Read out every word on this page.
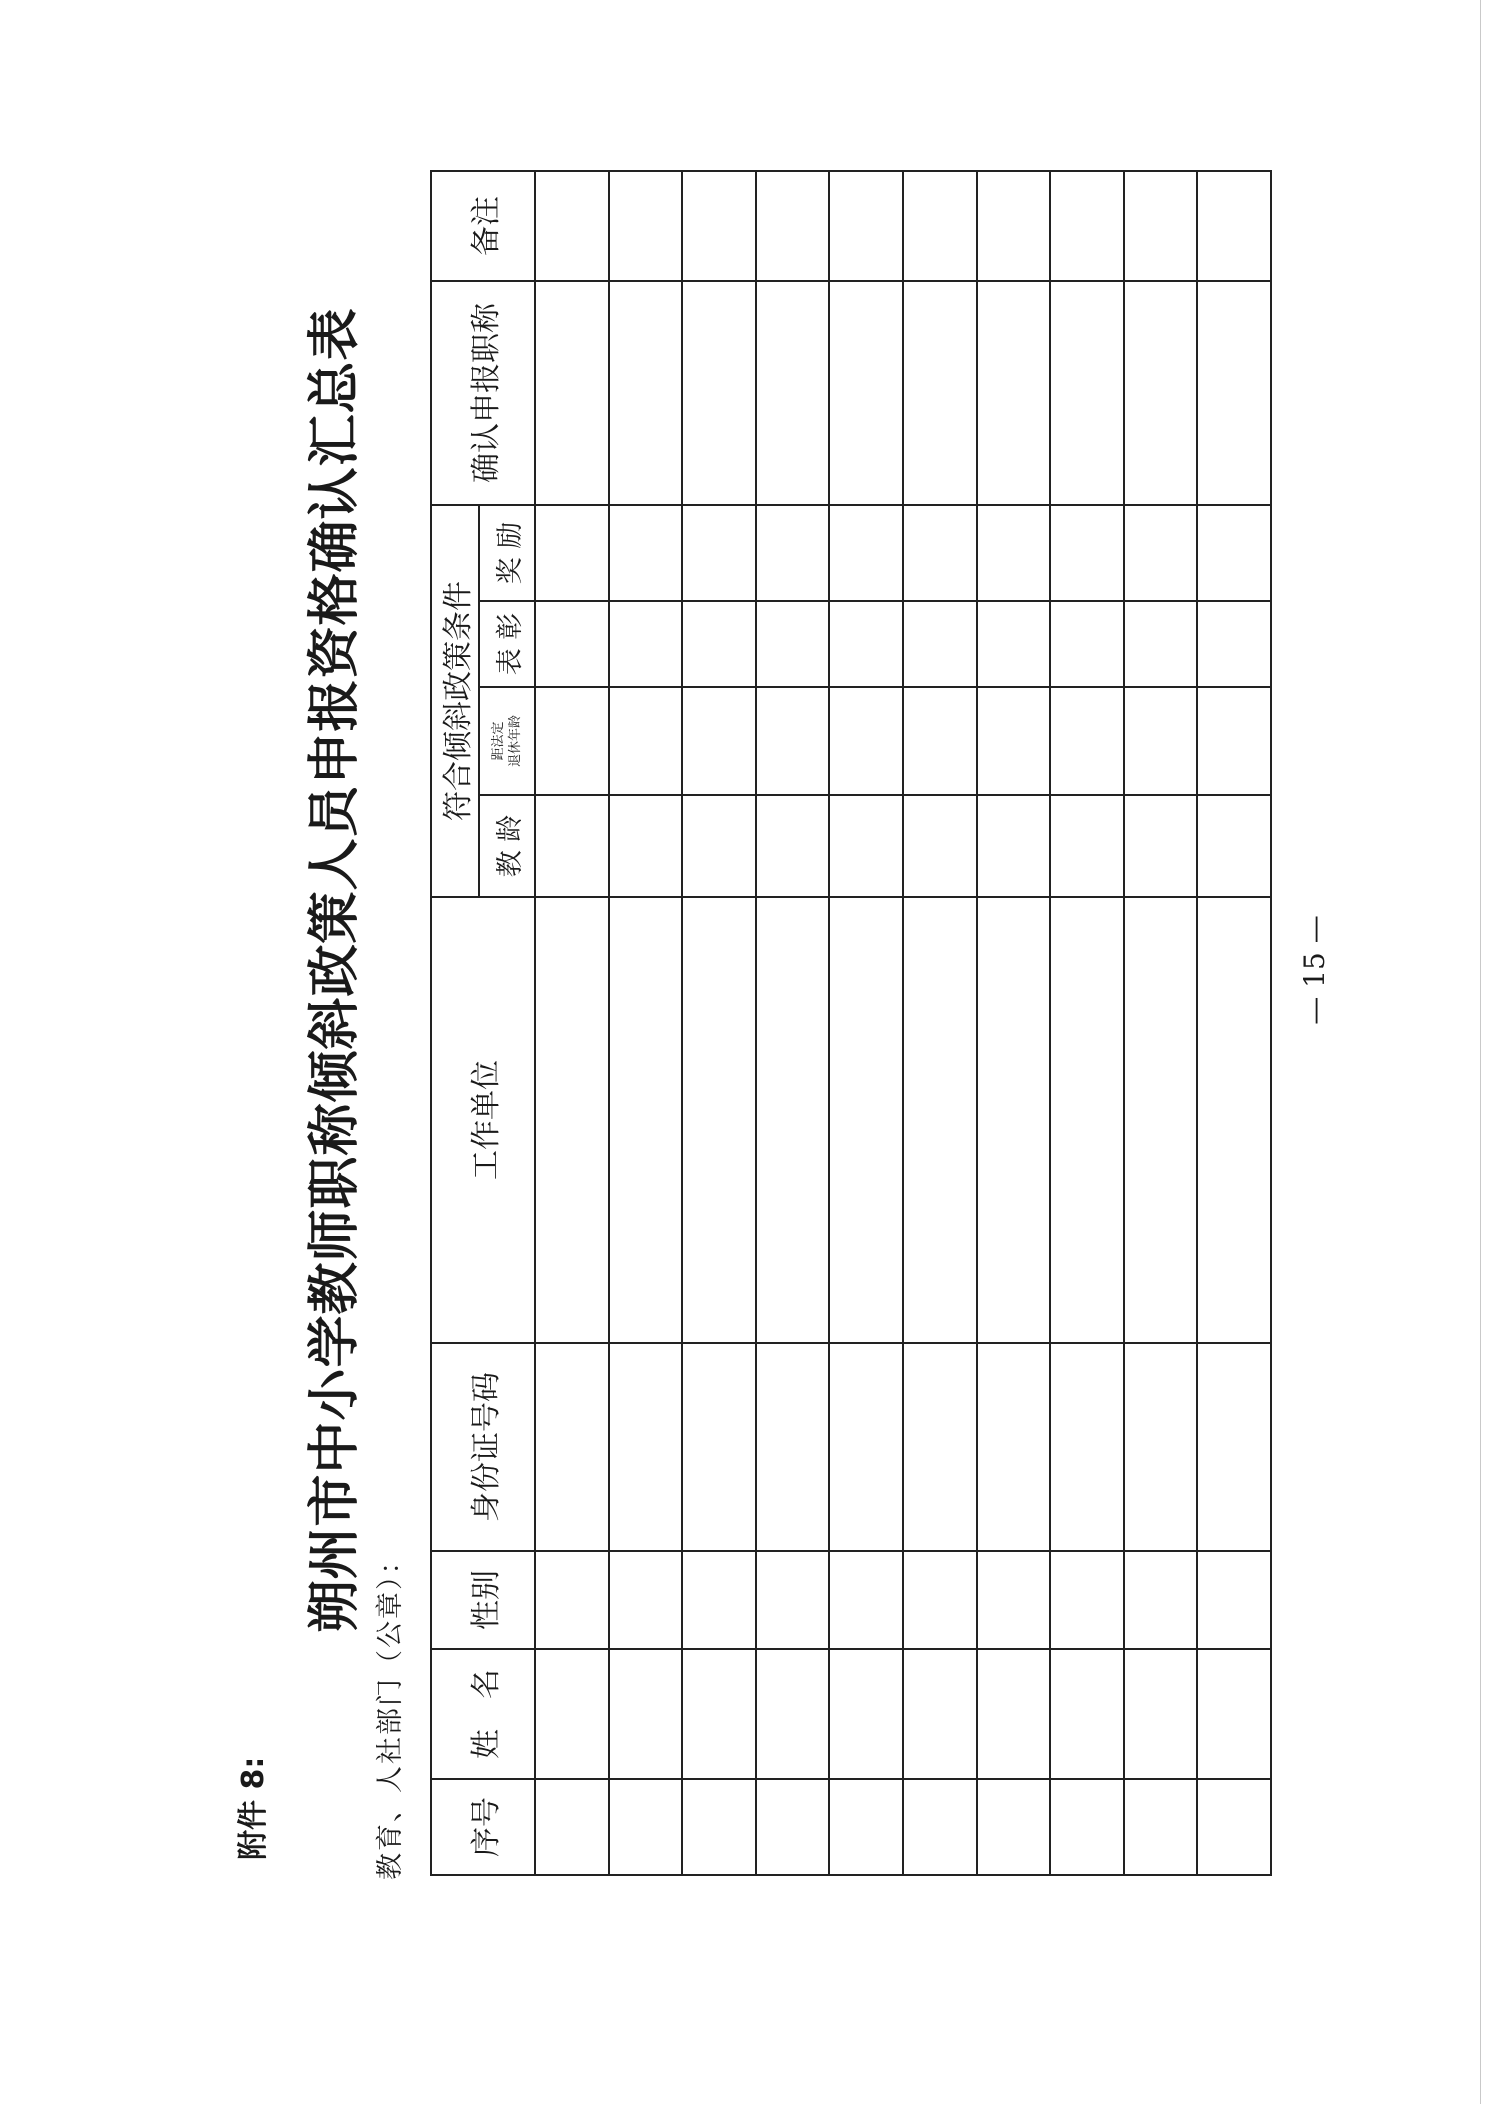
附件 8:
朔州市中小学教师职称倾斜政策人员申报资格确认汇总表
教育、人社部门（公章）： 序号	姓　名	性别	身份证号码	工作单位	符合倾斜政策条件				确认申报职称	备注
					教 龄	距法定 退休年龄	表 彰	奖 励		

— 15 —
